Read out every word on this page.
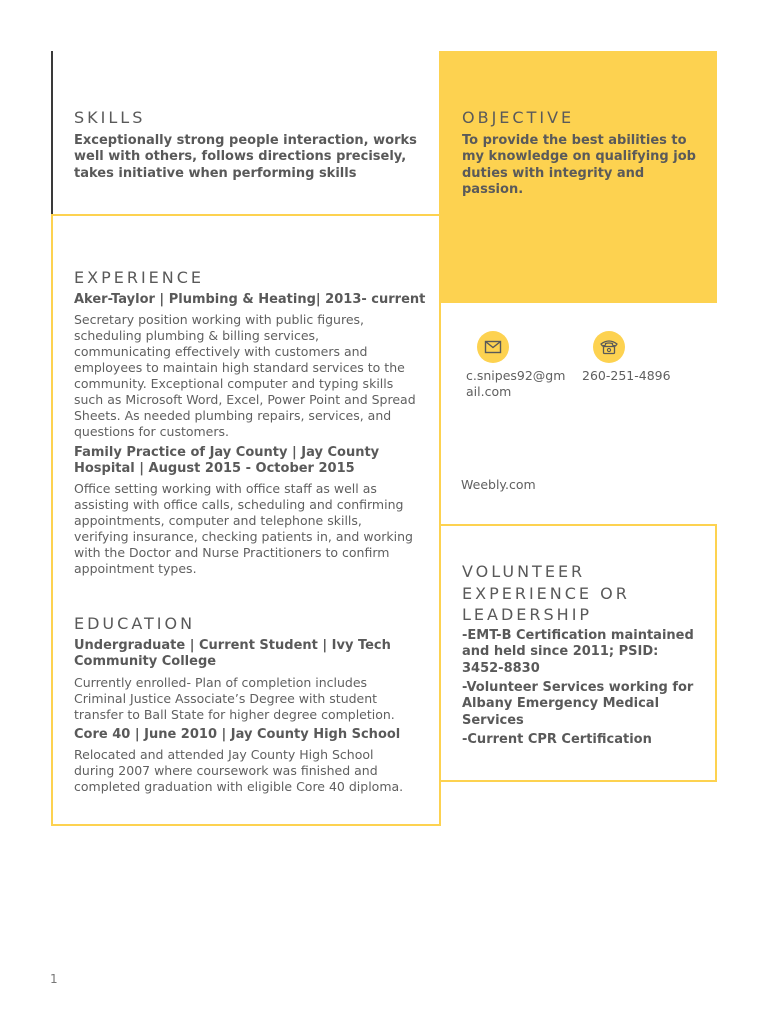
SKILLS
Exceptionally strong people interaction, works
well with others, follows directions precisely,
takes initiative when performing skills
OBJECTIVE
To provide the best abilities to
my knowledge on qualifying job
duties with integrity and
passion.
EXPERIENCE
Aker-Taylor | Plumbing & Heating| 2013- current
Secretary position working with public figures,
scheduling plumbing & billing services,
communicating effectively with customers and
employees to maintain high standard services to the
community. Exceptional computer and typing skills
such as Microsoft Word, Excel, Power Point and Spread
Sheets. As needed plumbing repairs, services, and
questions for customers.
Family Practice of Jay County | Jay County
Hospital | August 2015 - October 2015
Office setting working with office staff as well as
assisting with office calls, scheduling and confirming
appointments, computer and telephone skills,
verifying insurance, checking patients in, and working
with the Doctor and Nurse Practitioners to confirm
appointment types.
EDUCATION
Undergraduate | Current Student | Ivy Tech
Community College
Currently enrolled- Plan of completion includes
Criminal Justice Associate’s Degree with student
transfer to Ball State for higher degree completion.
Core 40 | June 2010 | Jay County High School
Relocated and attended Jay County High School
during 2007 where coursework was finished and
completed graduation with eligible Core 40 diploma.
c.snipes92@gm
ail.com
260-251-4896
Weebly.com
VOLUNTEER
EXPERIENCE OR
LEADERSHIP
-EMT-B Certification maintained
and held since 2011; PSID:
3452-8830
-Volunteer Services working for
Albany Emergency Medical
Services
-Current CPR Certification
1
